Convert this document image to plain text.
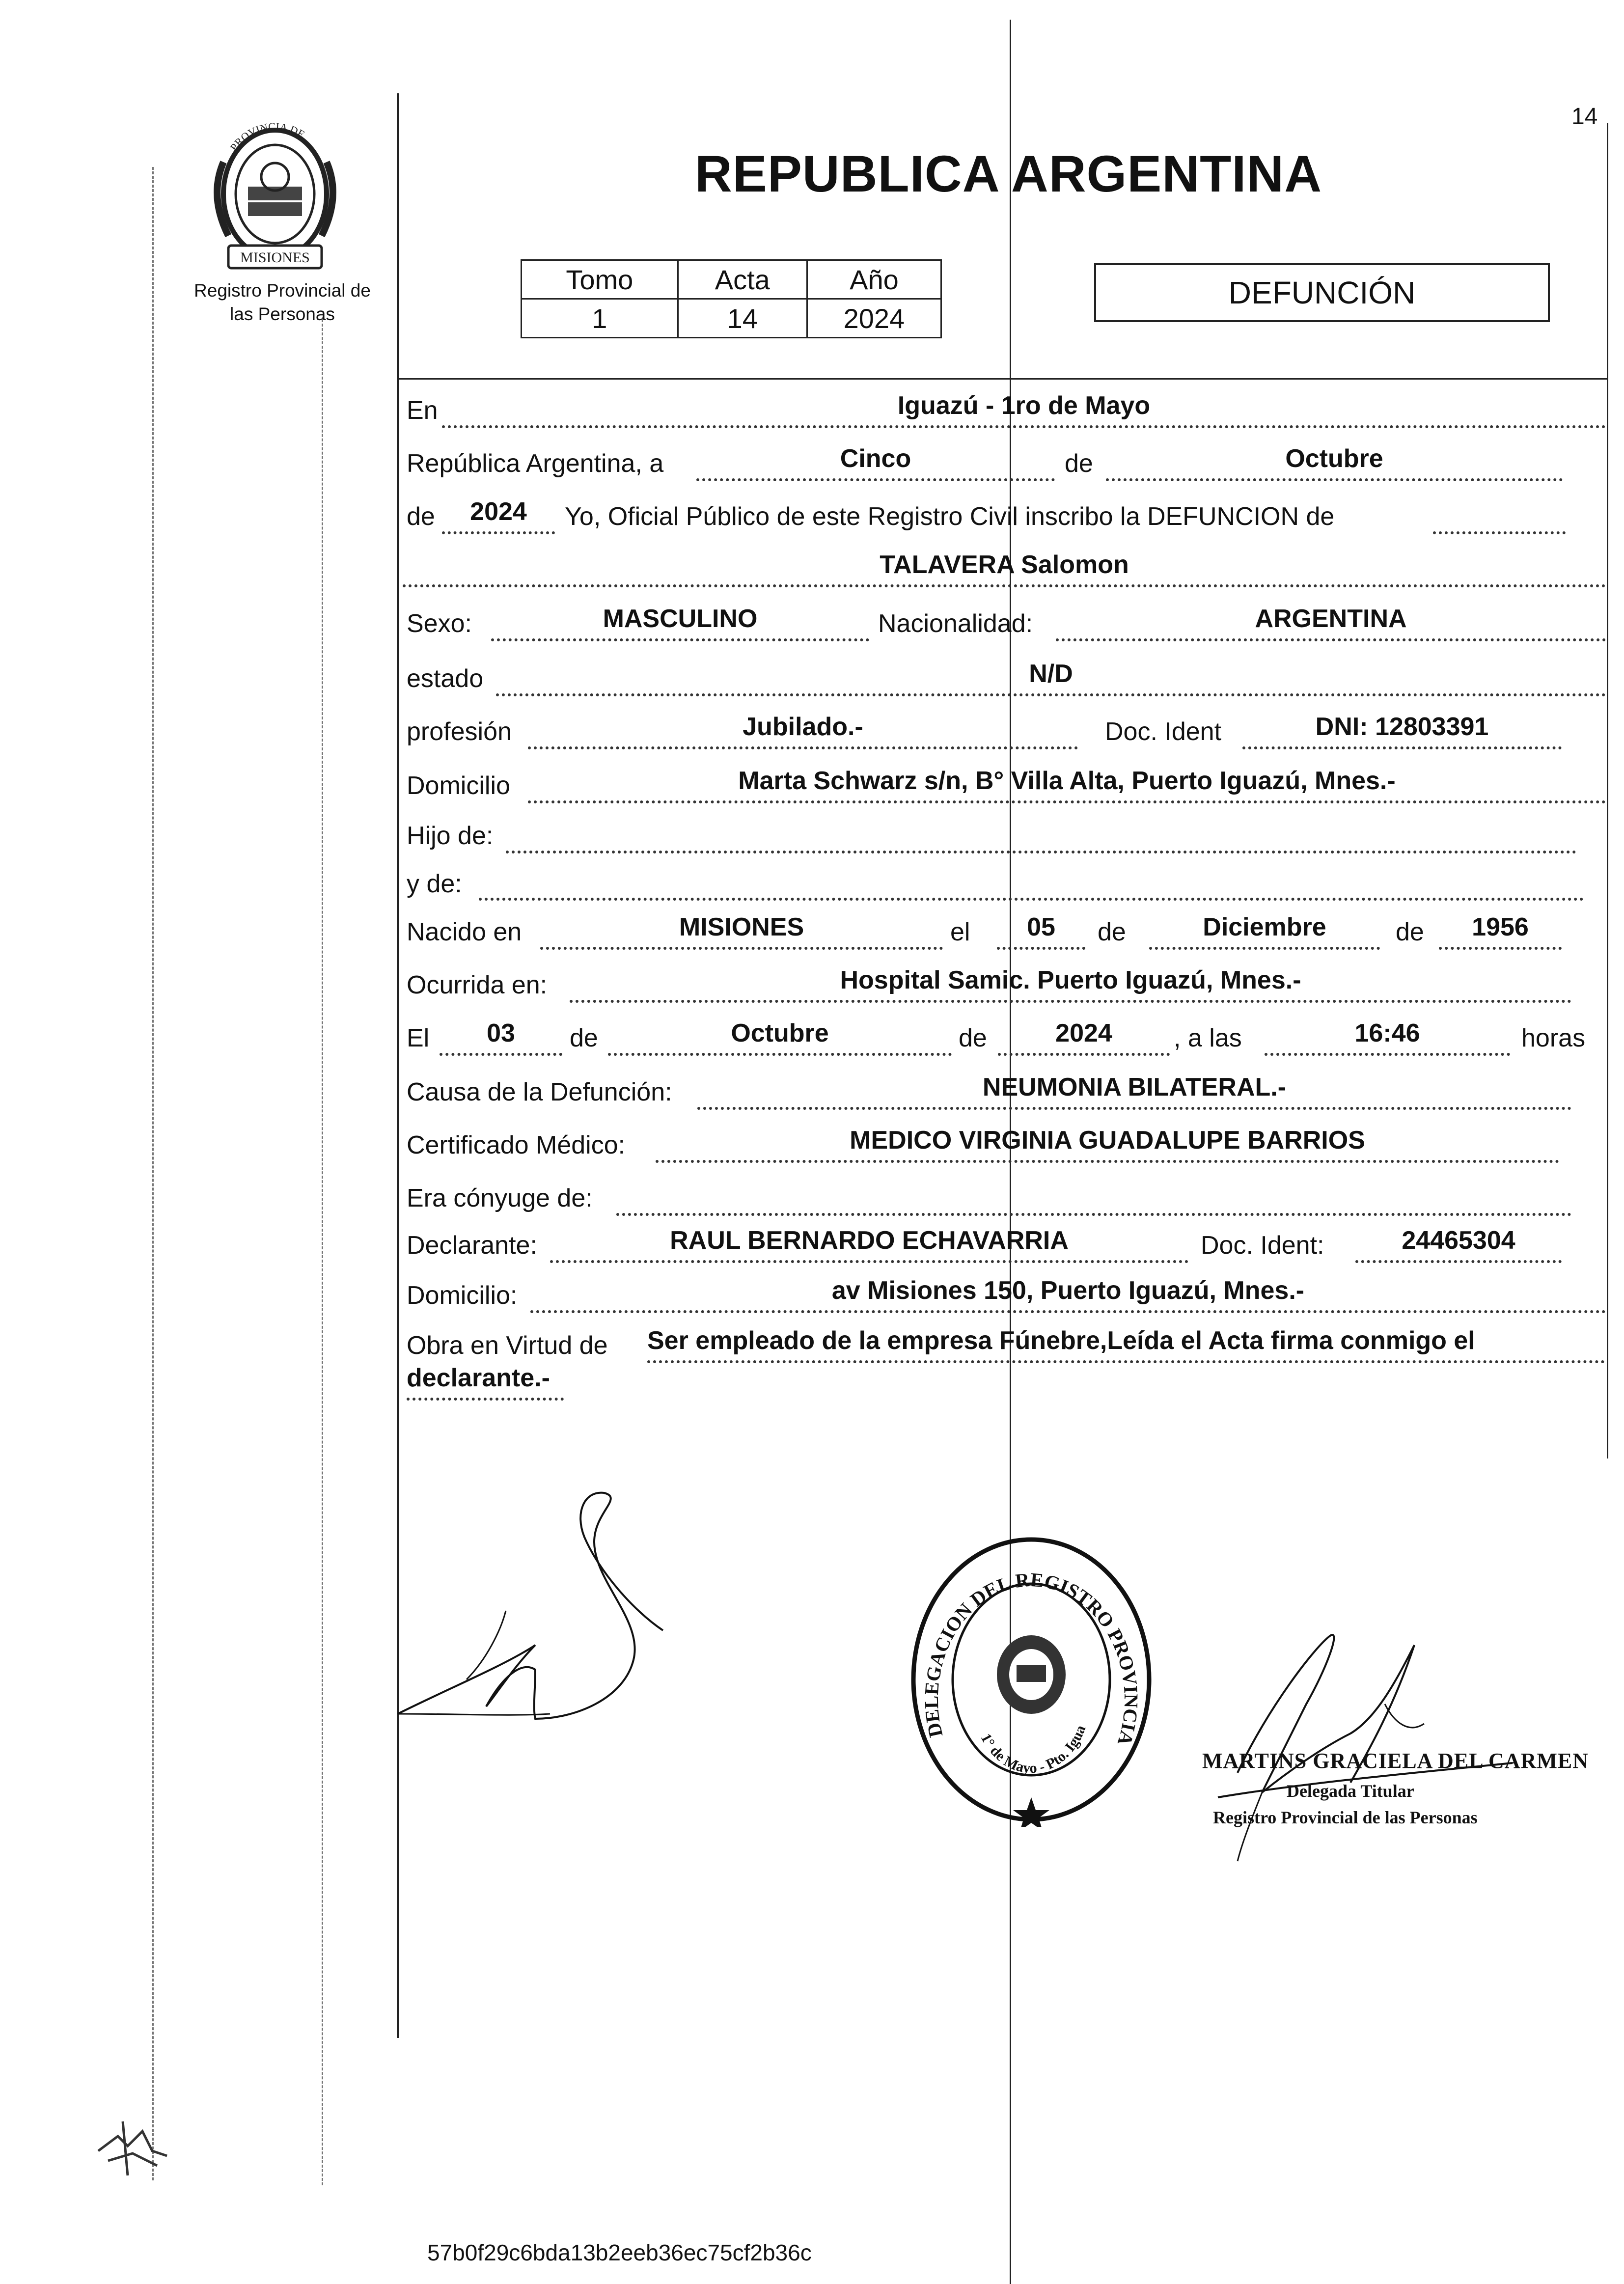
14
MISIONES
PROVINCIA DE
Registro Provincial de
las Personas
REPUBLICA ARGENTINA
Tomo	Acta	Año
1	14	2024
DEFUNCIÓN
En	Iguazú - 1ro de Mayo
República Argentina, a	Cinco	de	Octubre
de	2024	Yo, Oficial Público de este Registro Civil inscribo la DEFUNCION de
TALAVERA Salomon
Sexo:	MASCULINO	Nacionalidad:	ARGENTINA
estado	N/D
profesión	Jubilado.-	Doc. Ident	DNI: 12803391
Domicilio	Marta Schwarz s/n, B° Villa Alta, Puerto Iguazú, Mnes.-
Hijo de:
y de:
Nacido en	MISIONES	el	05	de	Diciembre	de	1956
Ocurrida en:	Hospital Samic. Puerto Iguazú, Mnes.-
El	03	de	Octubre	de	2024	, a las	16:46	horas
Causa de la Defunción:	NEUMONIA BILATERAL.-
Certificado Médico:	MEDICO VIRGINIA GUADALUPE BARRIOS
Era cónyuge de:
Declarante:	RAUL BERNARDO ECHAVARRIA	Doc. Ident:	24465304
Domicilio:	av Misiones 150, Puerto Iguazú, Mnes.-
Obra en Virtud de Ser empleado de la empresa Fúnebre,Leída el Acta firma conmigo el
declarante.-
DELEGACION DEL REGISTRO PROVINCIA
1° de Mayo - Pto. Igua
MARTINS GRACIELA DEL CARMEN
Delegada Titular
Registro Provincial de las Personas
57b0f29c6bda13b2eeb36ec75cf2b36c
